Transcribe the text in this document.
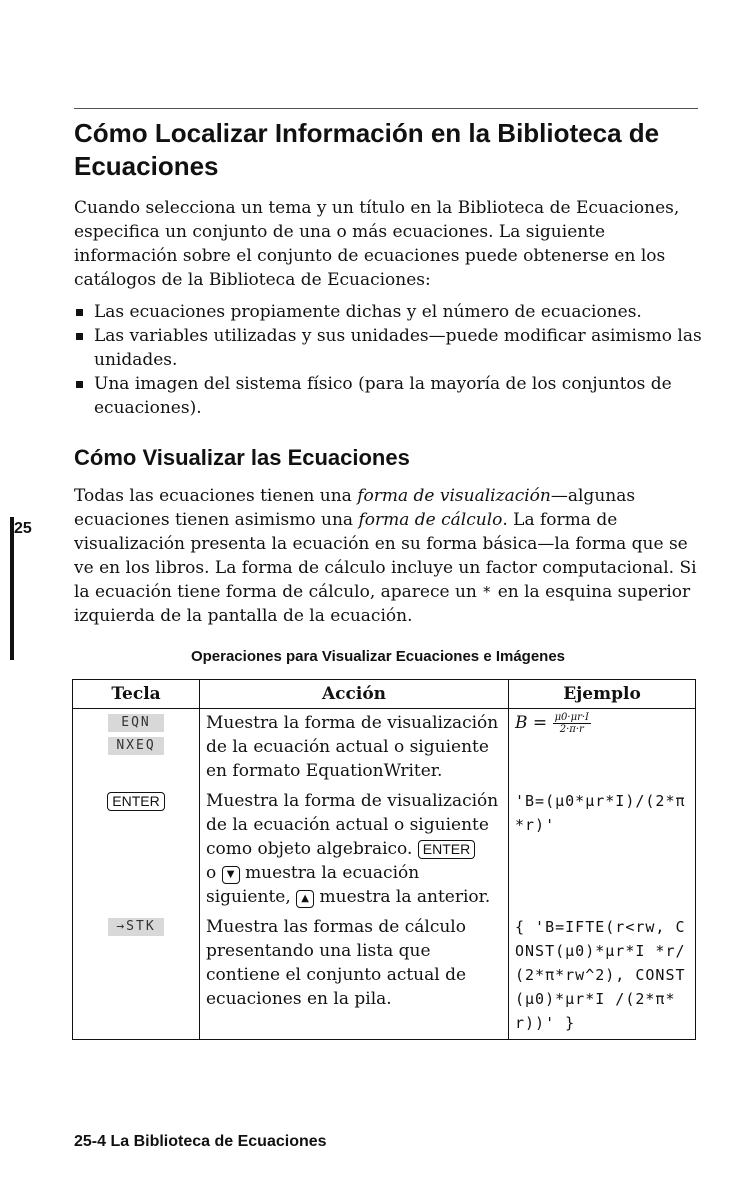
Cómo Localizar Información en la Biblioteca de Ecuaciones
Cuando selecciona un tema y un título en la Biblioteca de Ecuaciones, especifica un conjunto de una o más ecuaciones. La siguiente información sobre el conjunto de ecuaciones puede obtenerse en los catálogos de la Biblioteca de Ecuaciones:
Las ecuaciones propiamente dichas y el número de ecuaciones.
Las variables utilizadas y sus unidades—puede modificar asimismo las unidades.
Una imagen del sistema físico (para la mayoría de los conjuntos de ecuaciones).
Cómo Visualizar las Ecuaciones
Todas las ecuaciones tienen una forma de visualización—algunas ecuaciones tienen asimismo una forma de cálculo. La forma de visualización presenta la ecuación en su forma básica—la forma que se ve en los libros. La forma de cálculo incluye un factor computacional. Si la ecuación tiene forma de cálculo, aparece un * en la esquina superior izquierda de la pantalla de la ecuación.
25
Operaciones para Visualizar Ecuaciones e Imágenes
Tecla	Acción	Ejemplo

EQN
NXEQ	Muestra la forma de visualización de la ecuación actual o siguiente en formato EquationWriter.	$B = \frac{\mu 0\cdot\mu r\cdot I}{2\cdot\pi\cdot r}$

ENTER	Muestra la forma de visualización de la ecuación actual o siguiente como objeto algebraico. ENTER
o ▼ muestra la ecuación siguiente, ▲ muestra la anterior.	'B=(μ0*μr*I)/(2*π*r)'

→STK	Muestra las formas de cálculo presentando una lista que contiene el conjunto actual de ecuaciones en la pila.	{ 'B=IFTE(r<rw, CONST(μ0)*μr*I *r/(2*π*rw^2), CONST(μ0)*μr*I /(2*π*r))' }
25-4 La Biblioteca de Ecuaciones
